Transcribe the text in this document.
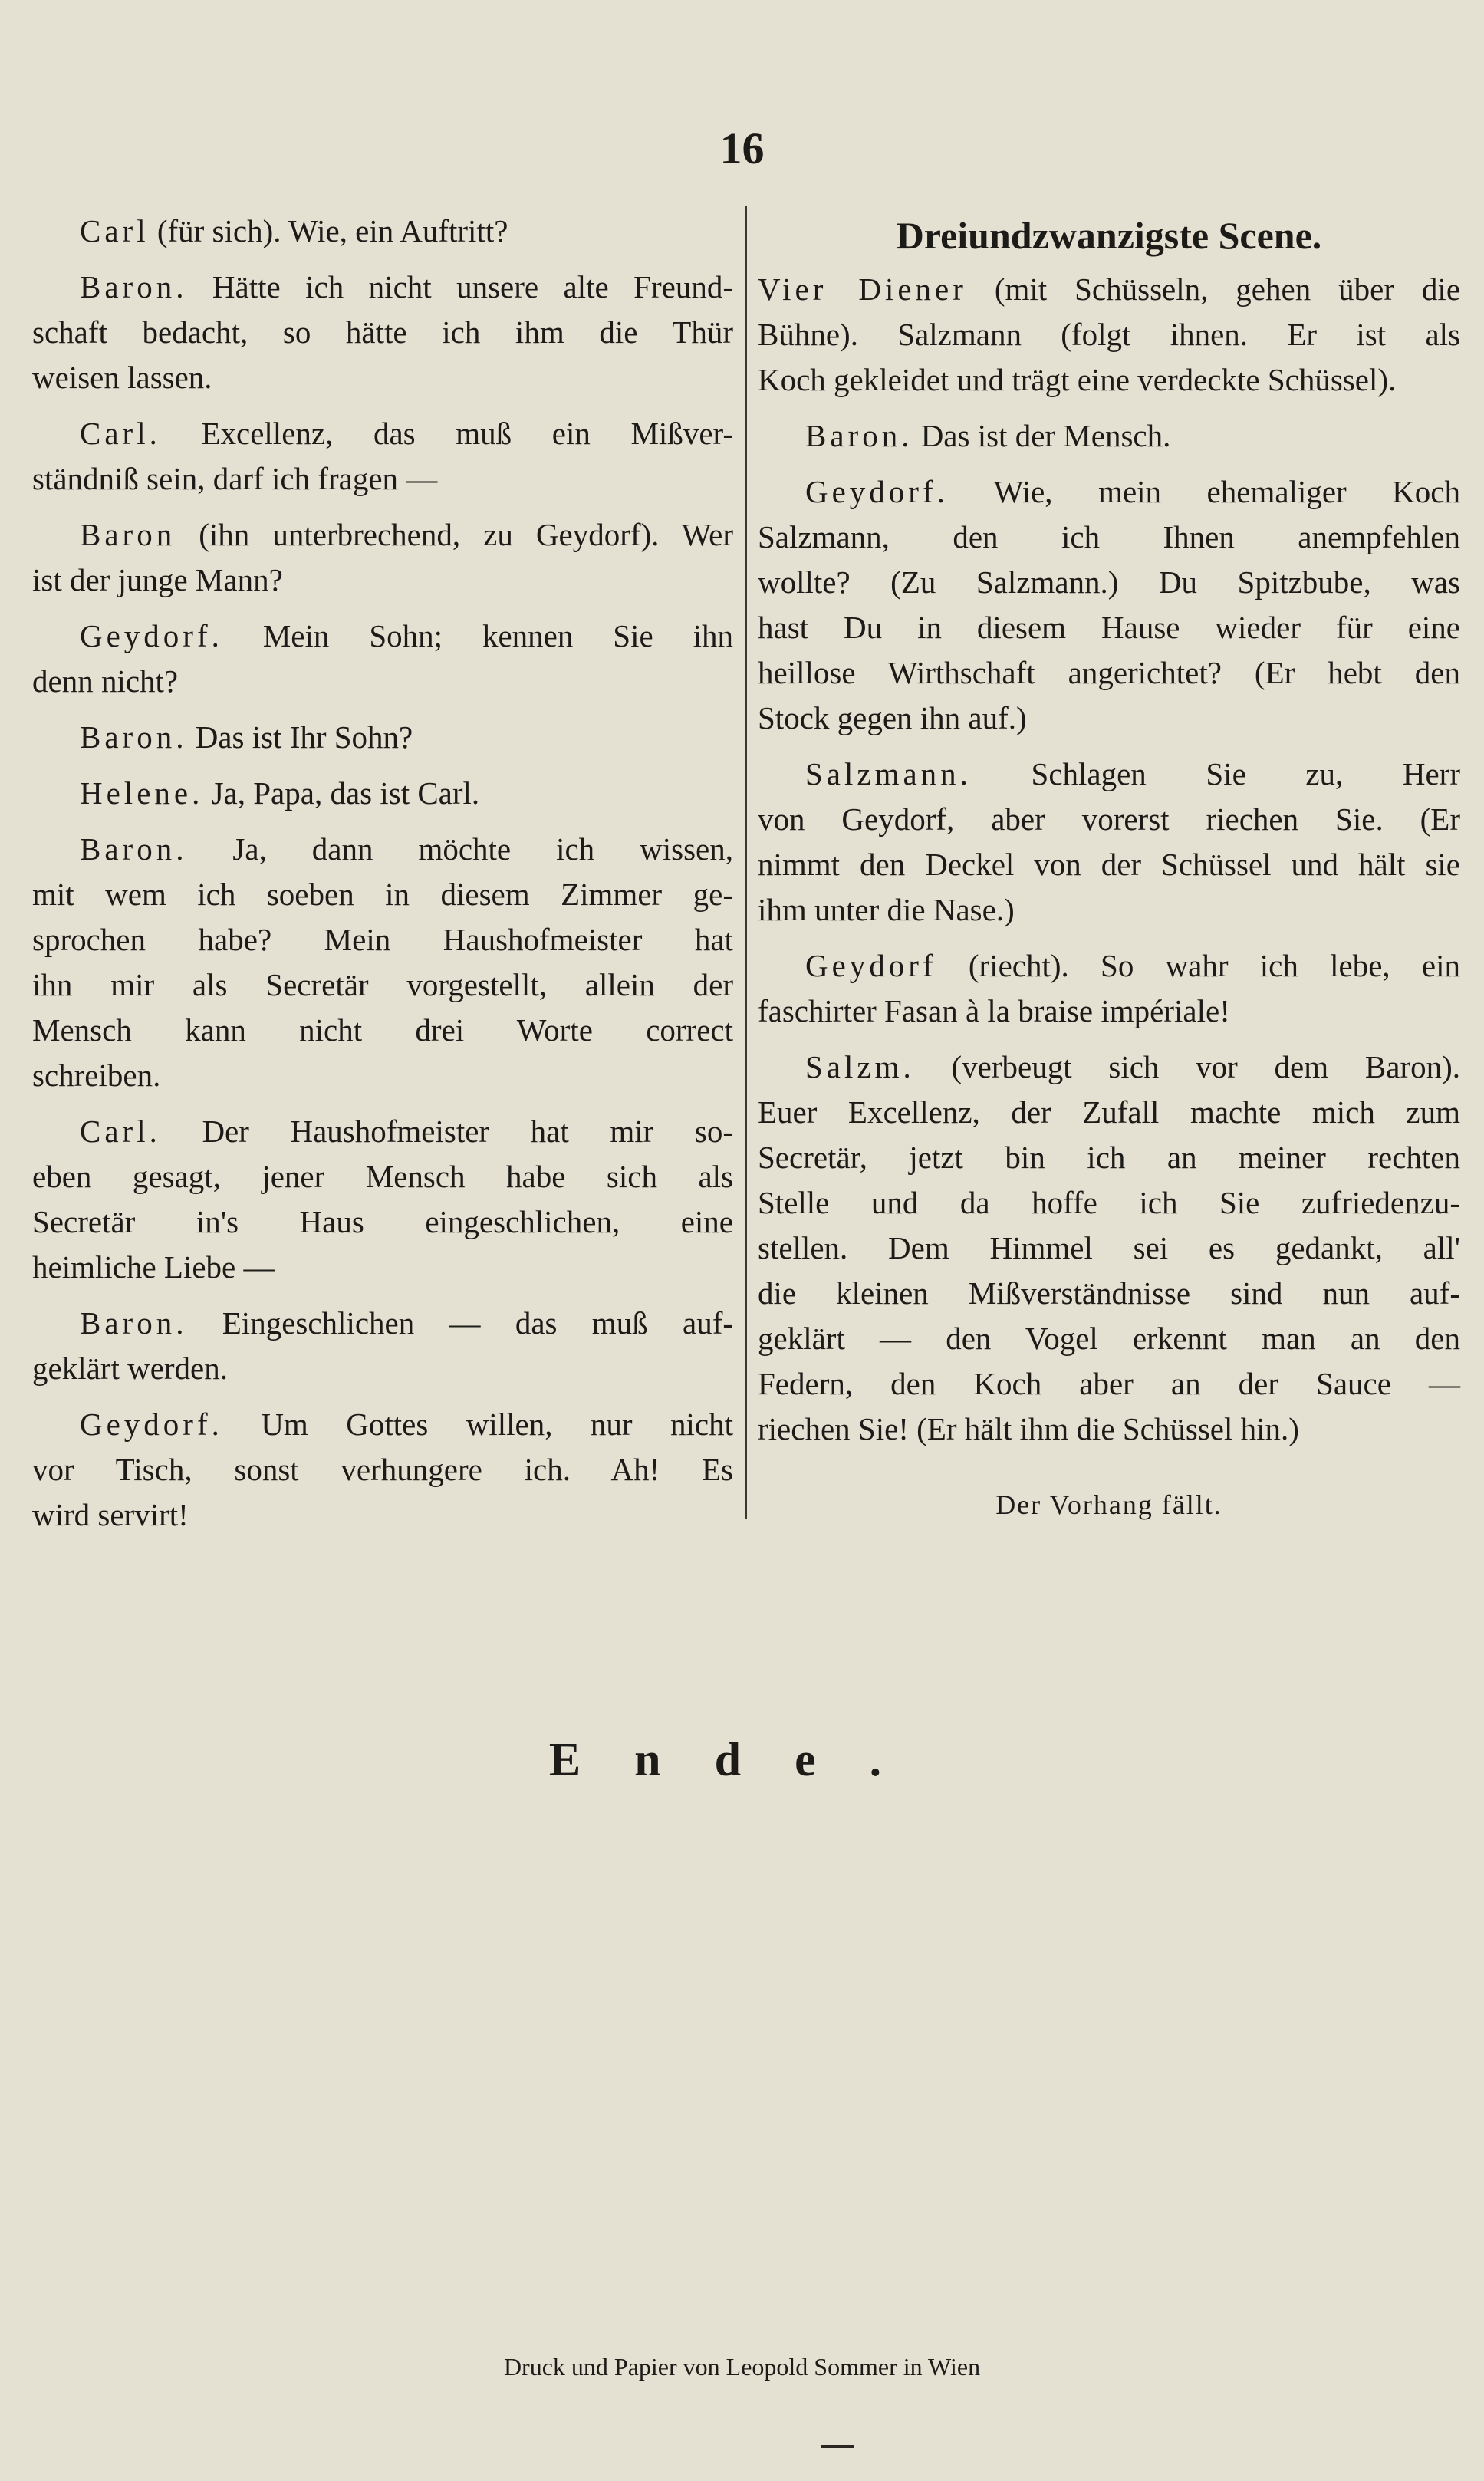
16
Carl (für sich). Wie, ein Auftritt?
Baron. Hätte ich nicht unsere alte Freund-
schaft bedacht, so hätte ich ihm die Thür
weisen lassen.
Carl. Excellenz, das muß ein Mißver-
ständniß sein, darf ich fragen —
Baron (ihn unterbrechend, zu Geydorf). Wer
ist der junge Mann?
Geydorf. Mein Sohn; kennen Sie ihn
denn nicht?
Baron. Das ist Ihr Sohn?
Helene. Ja, Papa, das ist Carl.
Baron. Ja, dann möchte ich wissen,
mit wem ich soeben in diesem Zimmer ge-
sprochen habe? Mein Haushofmeister hat
ihn mir als Secretär vorgestellt, allein der
Mensch kann nicht drei Worte correct
schreiben.
Carl. Der Haushofmeister hat mir so-
eben gesagt, jener Mensch habe sich als
Secretär in's Haus eingeschlichen, eine
heimliche Liebe —
Baron. Eingeschlichen — das muß auf-
geklärt werden.
Geydorf. Um Gottes willen, nur nicht
vor Tisch, sonst verhungere ich. Ah! Es
wird servirt!
Dreiundzwanzigste Scene.
Vier Diener (mit Schüsseln, gehen über die
Bühne). Salzmann (folgt ihnen. Er ist als
Koch gekleidet und trägt eine verdeckte Schüssel).
Baron. Das ist der Mensch.
Geydorf. Wie, mein ehemaliger Koch
Salzmann, den ich Ihnen anempfehlen
wollte? (Zu Salzmann.) Du Spitzbube, was
hast Du in diesem Hause wieder für eine
heillose Wirthschaft angerichtet? (Er hebt den
Stock gegen ihn auf.)
Salzmann. Schlagen Sie zu, Herr
von Geydorf, aber vorerst riechen Sie. (Er
nimmt den Deckel von der Schüssel und hält sie
ihm unter die Nase.)
Geydorf (riecht). So wahr ich lebe, ein
faschirter Fasan à la braise impériale!
Salzm. (verbeugt sich vor dem Baron).
Euer Excellenz, der Zufall machte mich zum
Secretär, jetzt bin ich an meiner rechten
Stelle und da hoffe ich Sie zufriedenzu-
stellen. Dem Himmel sei es gedankt, all'
die kleinen Mißverständnisse sind nun auf-
geklärt — den Vogel erkennt man an den
Federn, den Koch aber an der Sauce —
riechen Sie! (Er hält ihm die Schüssel hin.)
Der Vorhang fällt.
Ende.
Druck und Papier von Leopold Sommer in Wien
